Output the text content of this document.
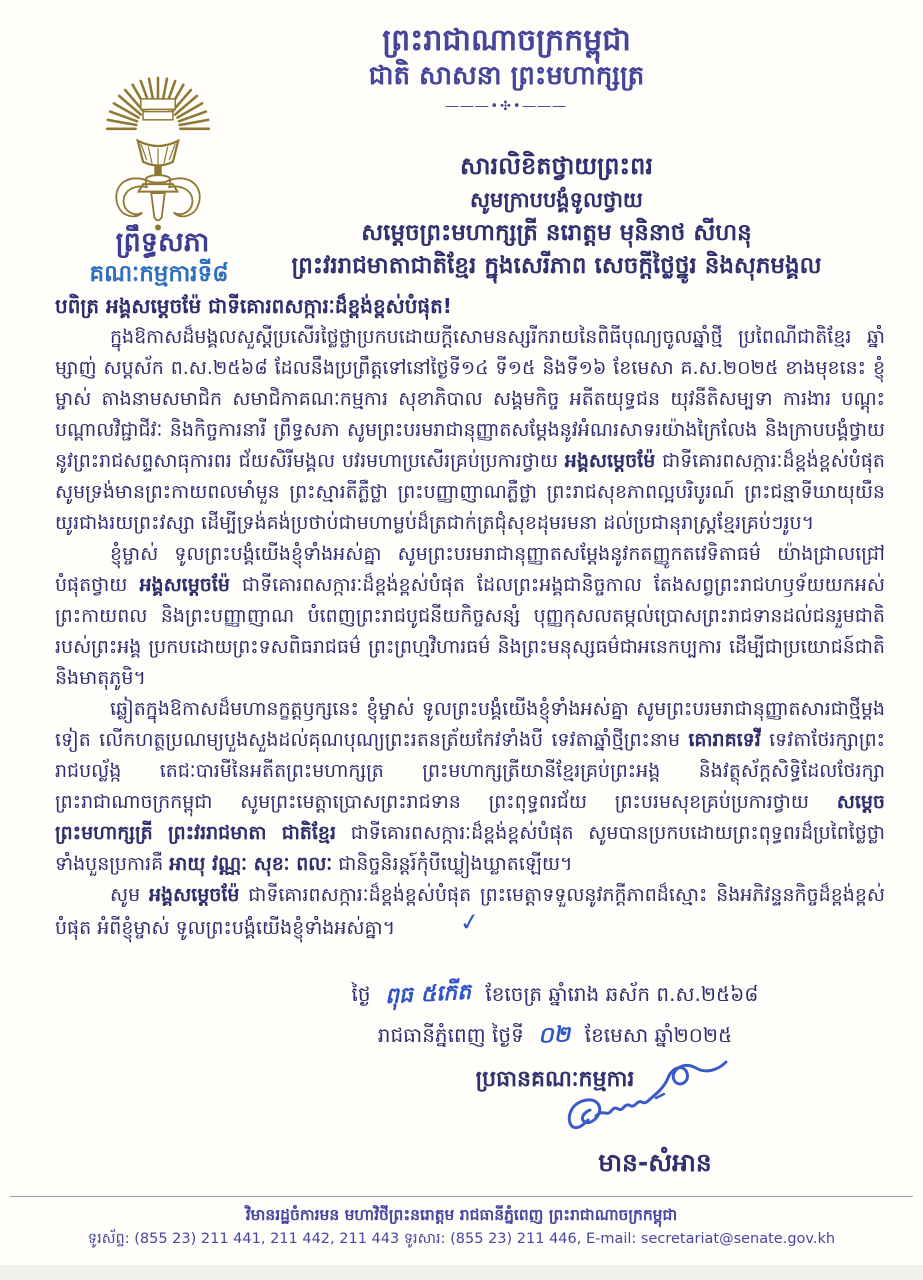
ព្រះរាជាណាចក្រកម្ពុជា
ជាតិ សាសនា ព្រះមហាក្សត្រ
―――•✣•―――
ព្រឹទ្ធសភា
គណៈកម្មការទី៨
សារលិខិតថ្វាយព្រះពរ
សូមក្រាបបង្គំទូលថ្វាយ
សម្តេចព្រះមហាក្សត្រី នរោត្តម មុនិនាថ សីហនុ
ព្រះវររាជមាតាជាតិខ្មែរ ក្នុងសេរីភាព សេចក្តីថ្លៃថ្នូរ និងសុភមង្គល
បពិត្រ អង្គសម្តេចម៉ែ ជាទីគោរពសក្ការៈដ៏ខ្ពង់ខ្ពស់បំផុត!

ក្នុងឱកាសដ៏មង្គលសួស្តីប្រសើរថ្លៃថ្លាប្រកបដោយក្តីសោមនស្សរីករាយនៃពិធីបុណ្យចូលឆ្នាំថ្មី ប្រពៃណីជាតិខ្មែរ ឆ្នាំម្សាញ់ សប្តស័ក ព.ស.២៥៦៨ ដែលនឹងប្រព្រឹត្តទៅនៅថ្ងៃទី១៤ ទី១៥ និងទី១៦ ខែមេសា គ.ស.២០២៥ ខាងមុខនេះ ខ្ញុំម្ចាស់ តាងនាមសមាជិក សមាជិកាគណៈកម្មការ សុខាភិបាល សង្គមកិច្ច អតីតយុទ្ធជន យុវនីតិសម្បទា ការងារ បណ្តុះបណ្តាលវិជ្ជាជីវៈ និងកិច្ចការនារី ព្រឹទ្ធសភា សូមព្រះបរមរាជានុញ្ញាតសម្តែងនូវអំណរសាទរយ៉ាងក្រៃលែង និងក្រាបបង្គំថ្វាយនូវព្រះរាជសព្ទសាធុការពរ ជ័យសិរីមង្គល បវរមហាប្រសើរគ្រប់ប្រការថ្វាយ អង្គសម្តេចម៉ែ ជាទីគោរពសក្ការៈដ៏ខ្ពង់ខ្ពស់បំផុត សូមទ្រង់មានព្រះកាយពលមាំមួន ព្រះស្មារតីភ្លឺថ្លា ព្រះបញ្ញាញាណភ្លឺថ្លា ព្រះរាជសុខភាពល្អបរិបូរណ៍ ព្រះជន្មាទីឃាយុយឺនយូរជាងរយព្រះវស្សា ដើម្បីទ្រង់គង់ប្រថាប់ជាមហាម្លប់ដ៏ត្រជាក់ត្រជុំសុខដុមរមនា ដល់ប្រជានុរាស្ត្រខ្មែរគ្រប់ៗរូប។

ខ្ញុំម្ចាស់ ទូលព្រះបង្គំយើងខ្ញុំទាំងអស់គ្នា សូមព្រះបរមរាជានុញ្ញាតសម្តែងនូវកតញ្ញូកតវេទិតាធម៌ យ៉ាងជ្រាលជ្រៅបំផុតថ្វាយ អង្គសម្តេចម៉ែ ជាទីគោរពសក្ការៈដ៏ខ្ពង់ខ្ពស់បំផុត ដែលព្រះអង្គជានិច្ចកាល តែងសព្វព្រះរាជហឫទ័យយកអស់ព្រះកាយពល និងព្រះបញ្ញាញាណ បំពេញព្រះរាជបូជនីយកិច្ចសន្សំ បុញ្ញកុសលតម្កល់ប្រោសព្រះរាជទានដល់ជនរួមជាតិរបស់ព្រះអង្គ ប្រកបដោយព្រះទសពិធរាជធម៌ ព្រះព្រហ្មវិហារធម៌ និងព្រះមនុស្សធម៌ជាអនេកប្បការ ដើម្បីជាប្រយោជន៍ជាតិ និងមាតុភូមិ។

ឆ្លៀតក្នុងឱកាសដ៏មហានក្ខត្តឫក្សនេះ ខ្ញុំម្ចាស់ ទូលព្រះបង្គំយើងខ្ញុំទាំងអស់គ្នា សូមព្រះបរមរាជានុញ្ញាតសារជាថ្មីម្តងទៀត លើកហត្ថប្រណម្យបួងសួងដល់គុណបុណ្យព្រះរតនត្រ័យកែវទាំងបី ទេវតាឆ្នាំថ្មីព្រះនាម គោរាគទេវី ទេវតាថែរក្សាព្រះរាជបល្ល័ង្ក តេជៈបារមីនៃអតីតព្រះមហាក្សត្រ ព្រះមហាក្សត្រីយានីខ្មែរគ្រប់ព្រះអង្គ និងវត្ថុស័ក្តសិទ្ធិដែលថែរក្សាព្រះរាជាណាចក្រកម្ពុជា សូមព្រះមេត្តាប្រោសព្រះរាជទាន ព្រះពុទ្ធពរជ័យ ព្រះបរមសុខគ្រប់ប្រការថ្វាយ សម្តេចព្រះមហាក្សត្រី ព្រះវររាជមាតា ជាតិខ្មែរ ជាទីគោរពសក្ការៈដ៏ខ្ពង់ខ្ពស់បំផុត សូមបានប្រកបដោយព្រះពុទ្ធពរដ៏ប្រពៃថ្លៃថ្លាទាំងបួនប្រការគឺ អាយុ វណ្ណៈ សុខៈ ពលៈ ជានិច្ចនិរន្តរ៍កុំបីឃ្លៀងឃ្លាតឡើយ។

សូម អង្គសម្តេចម៉ែ ជាទីគោរពសក្ការៈដ៏ខ្ពង់ខ្ពស់បំផុត ព្រះមេត្តាទទួលនូវភក្តីភាពដ៏ស្មោះ និងអភិវន្ទនកិច្ចដ៏ខ្ពង់ខ្ពស់បំផុត អំពីខ្ញុំម្ចាស់ ទូលព្រះបង្គំយើងខ្ញុំទាំងអស់គ្នា។	✓

ថ្ងៃ ពុធ ៥កើត ខែចេត្រ ឆ្នាំរោង ឆស័ក ព.ស.២៥៦៨
រាជធានីភ្នំពេញ ថ្ងៃទី ០២ ខែមេសា ឆ្នាំ២០២៥
ប្រធានគណៈកម្មការ
មាន-សំអាន
វិមានរដ្ឋចំការមន មហាវិថីព្រះនរោត្តម រាជធានីភ្នំពេញ ព្រះរាជាណាចក្រកម្ពុជា
ទូរស័ព្ទ: (855 23) 211 441, 211 442, 211 443 ទូរសារ: (855 23) 211 446, E-mail: secretariat@senate.gov.kh
